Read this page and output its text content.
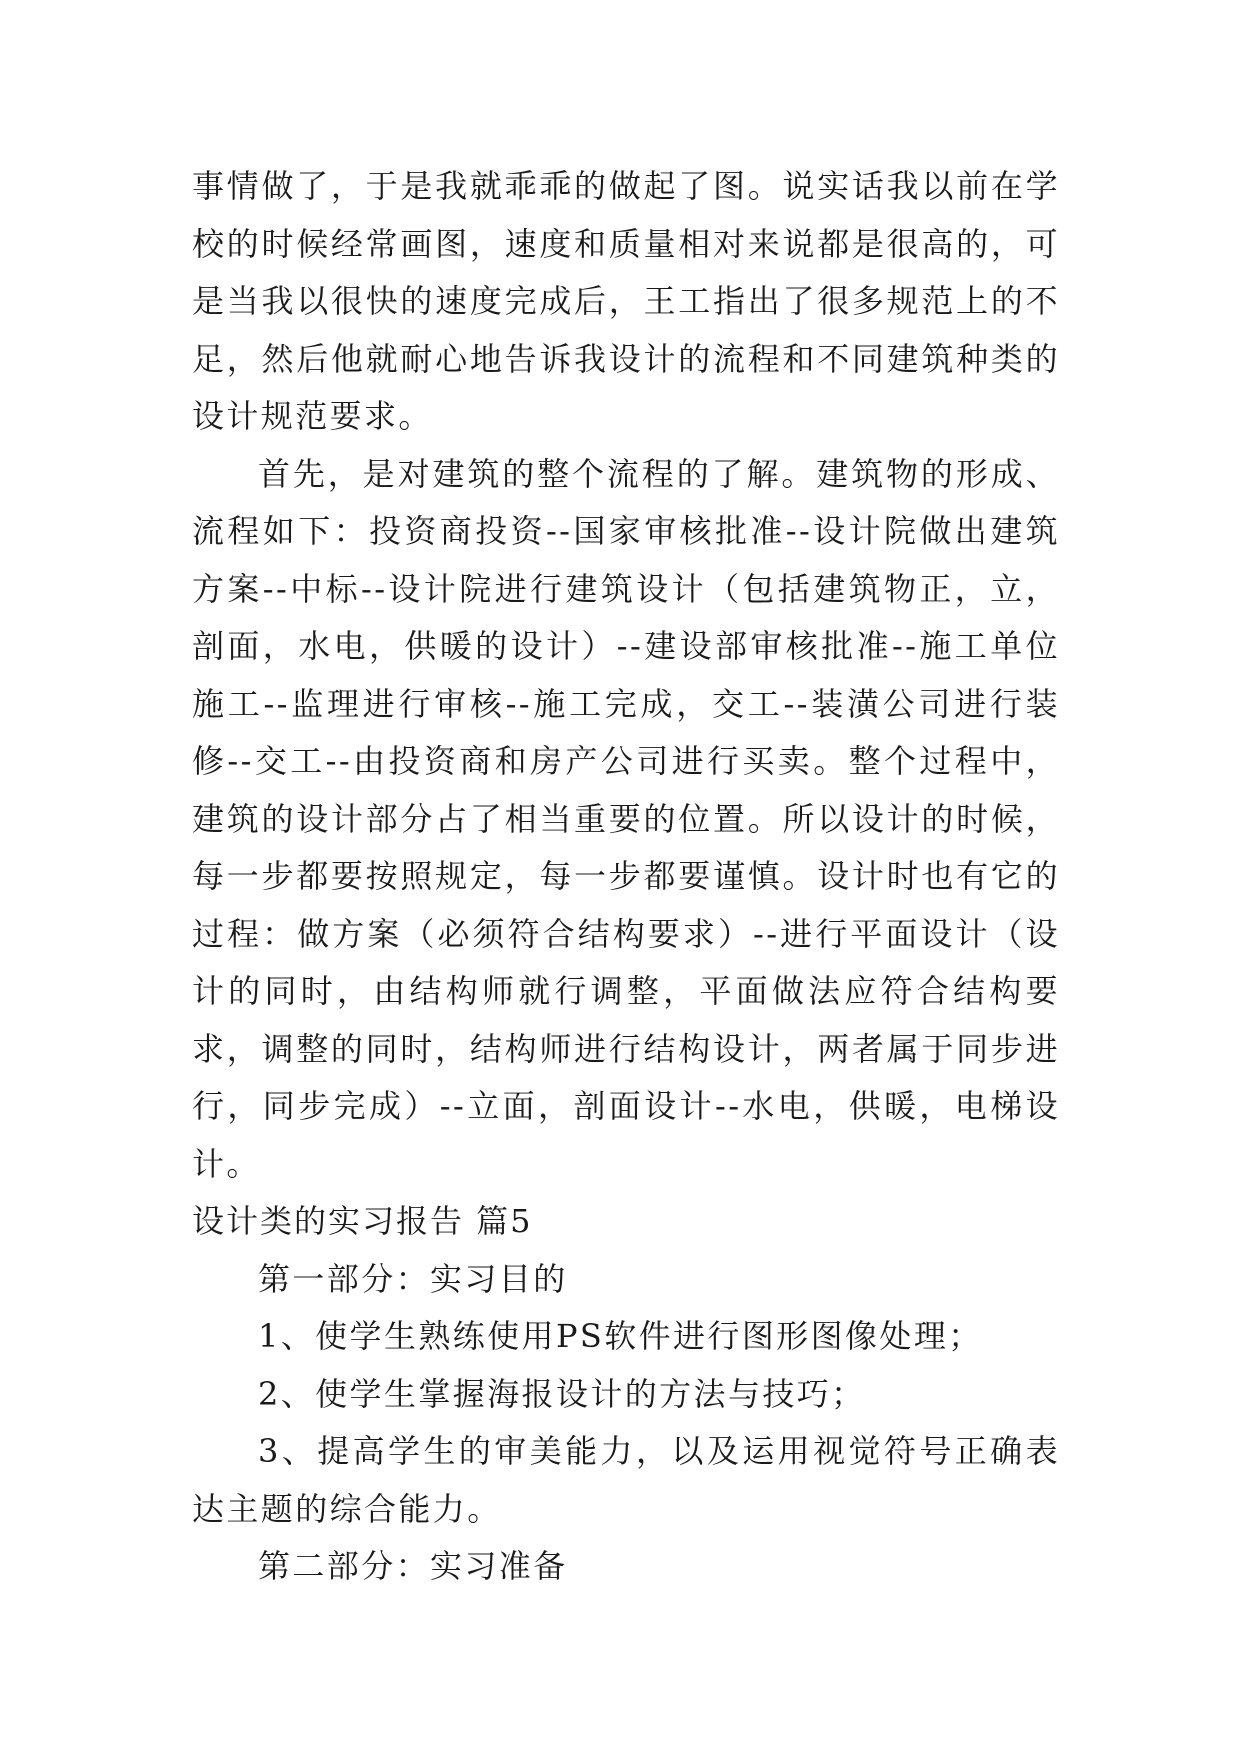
事情做了，于是我就乖乖的做起了图。说实话我以前在学校的时候经常画图，速度和质量相对来说都是很高的，可是当我以很快的速度完成后，王工指出了很多规范上的不足，然后他就耐心地告诉我设计的流程和不同建筑种类的设计规范要求。

首先，是对建筑的整个流程的了解。建筑物的形成、流程如下：投资商投资--国家审核批准--设计院做出建筑方案--中标--设计院进行建筑设计（包括建筑物正，立，剖面，水电，供暖的设计）--建设部审核批准--施工单位施工--监理进行审核--施工完成，交工--装潢公司进行装修--交工--由投资商和房产公司进行买卖。整个过程中，建筑的设计部分占了相当重要的位置。所以设计的时候，每一步都要按照规定，每一步都要谨慎。设计时也有它的过程：做方案（必须符合结构要求）--进行平面设计（设计的同时，由结构师就行调整，平面做法应符合结构要求，调整的同时，结构师进行结构设计，两者属于同步进行，同步完成）--立面，剖面设计--水电，供暖，电梯设计。

设计类的实习报告 篇5

第一部分：实习目的

1、使学生熟练使用PS软件进行图形图像处理；

2、使学生掌握海报设计的方法与技巧；

3、提高学生的审美能力，以及运用视觉符号正确表达主题的综合能力。

第二部分：实习准备
